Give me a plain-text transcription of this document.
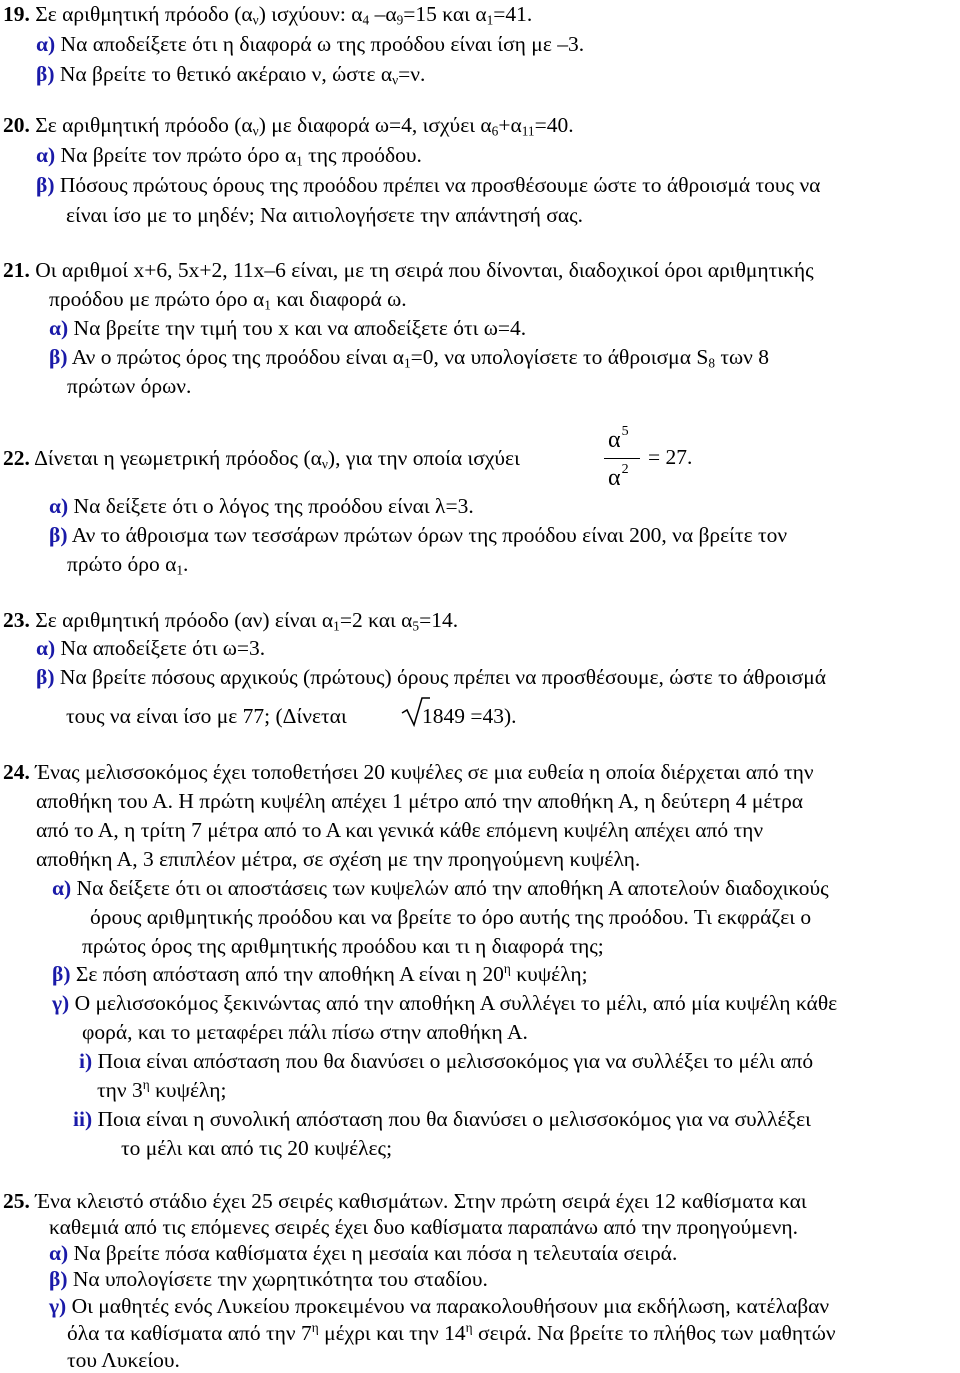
19. Σε αριθμητική πρόοδο (αν) ισχύουν: α4 –α9=15 και α1=41.
α) Να αποδείξετε ότι η διαφορά ω της προόδου είναι ίση με –3.
β) Να βρείτε το θετικό ακέραιο ν, ώστε αν=ν.
20. Σε αριθμητική πρόοδο (αν) με διαφορά ω=4, ισχύει α6+α11=40.
α) Να βρείτε τον πρώτο όρο α1 της προόδου.
β) Πόσους πρώτους όρους της προόδου πρέπει να προσθέσουμε ώστε το άθροισμά τους να
είναι ίσο με το μηδέν; Να αιτιολογήσετε την απάντησή σας.
21. Οι αριθμοί x+6, 5x+2, 11x–6 είναι, με τη σειρά που δίνονται, διαδοχικοί όροι αριθμητικής
προόδου με πρώτο όρο α1 και διαφορά ω.
α) Να βρείτε την τιμή του x και να αποδείξετε ότι ω=4.
β) Αν ο πρώτος όρος της προόδου είναι α1=0, να υπολογίσετε το άθροισμα S8 των 8
πρώτων όρων.
22. Δίνεται η γεωμετρική πρόοδος (αν), για την οποία ισχύει
$\alpha^5$
$\alpha^2$
= 27.
α) Να δείξετε ότι ο λόγος της προόδου είναι λ=3.
β) Αν το άθροισμα των τεσσάρων πρώτων όρων της προόδου είναι 200, να βρείτε τον
πρώτο όρο α1.
23. Σε αριθμητική πρόοδο (αν) είναι α1=2 και α5=14.
α) Να αποδείξετε ότι ω=3.
β) Να βρείτε πόσους αρχικούς (πρώτους) όρους πρέπει να προσθέσουμε, ώστε το άθροισμά
τους να είναι ίσο με 77; (Δίνεται	1849 =43).
24. Ένας μελισσοκόμος έχει τοποθετήσει 20 κυψέλες σε μια ευθεία η οποία διέρχεται από την
αποθήκη του Α. Η πρώτη κυψέλη απέχει 1 μέτρο από την αποθήκη Α, η δεύτερη 4 μέτρα
από το Α, η τρίτη 7 μέτρα από το Α και γενικά κάθε επόμενη κυψέλη απέχει από την
αποθήκη Α, 3 επιπλέον μέτρα, σε σχέση με την προηγούμενη κυψέλη.
α) Να δείξετε ότι οι αποστάσεις των κυψελών από την αποθήκη Α αποτελούν διαδοχικούς
όρους αριθμητικής προόδου και να βρείτε το όρο αυτής της προόδου. Τι εκφράζει ο
πρώτος όρος της αριθμητικής προόδου και τι η διαφορά της;
β) Σε πόση απόσταση από την αποθήκη Α είναι η $20^\eta$ κυψέλη;
γ) Ο μελισσοκόμος ξεκινώντας από την αποθήκη Α συλλέγει το μέλι, από μία κυψέλη κάθε
φορά, και το μεταφέρει πάλι πίσω στην αποθήκη Α.
i) Ποια είναι απόσταση που θα διανύσει ο μελισσοκόμος για να συλλέξει το μέλι από
την $3^\eta$ κυψέλη;
ii) Ποια είναι η συνολική απόσταση που θα διανύσει ο μελισσοκόμος για να συλλέξει
το μέλι και από τις 20 κυψέλες;
25. Ένα κλειστό στάδιο έχει 25 σειρές καθισμάτων. Στην πρώτη σειρά έχει 12 καθίσματα και
καθεμιά από τις επόμενες σειρές έχει δυο καθίσματα παραπάνω από την προηγούμενη.
α) Να βρείτε πόσα καθίσματα έχει η μεσαία και πόσα η τελευταία σειρά.
β) Να υπολογίσετε την χωρητικότητα του σταδίου.
γ) Οι μαθητές ενός Λυκείου προκειμένου να παρακολουθήσουν μια εκδήλωση, κατέλαβαν
όλα τα καθίσματα από την $7^\eta$ μέχρι και την $14^\eta$ σειρά. Να βρείτε το πλήθος των μαθητών
του Λυκείου.
